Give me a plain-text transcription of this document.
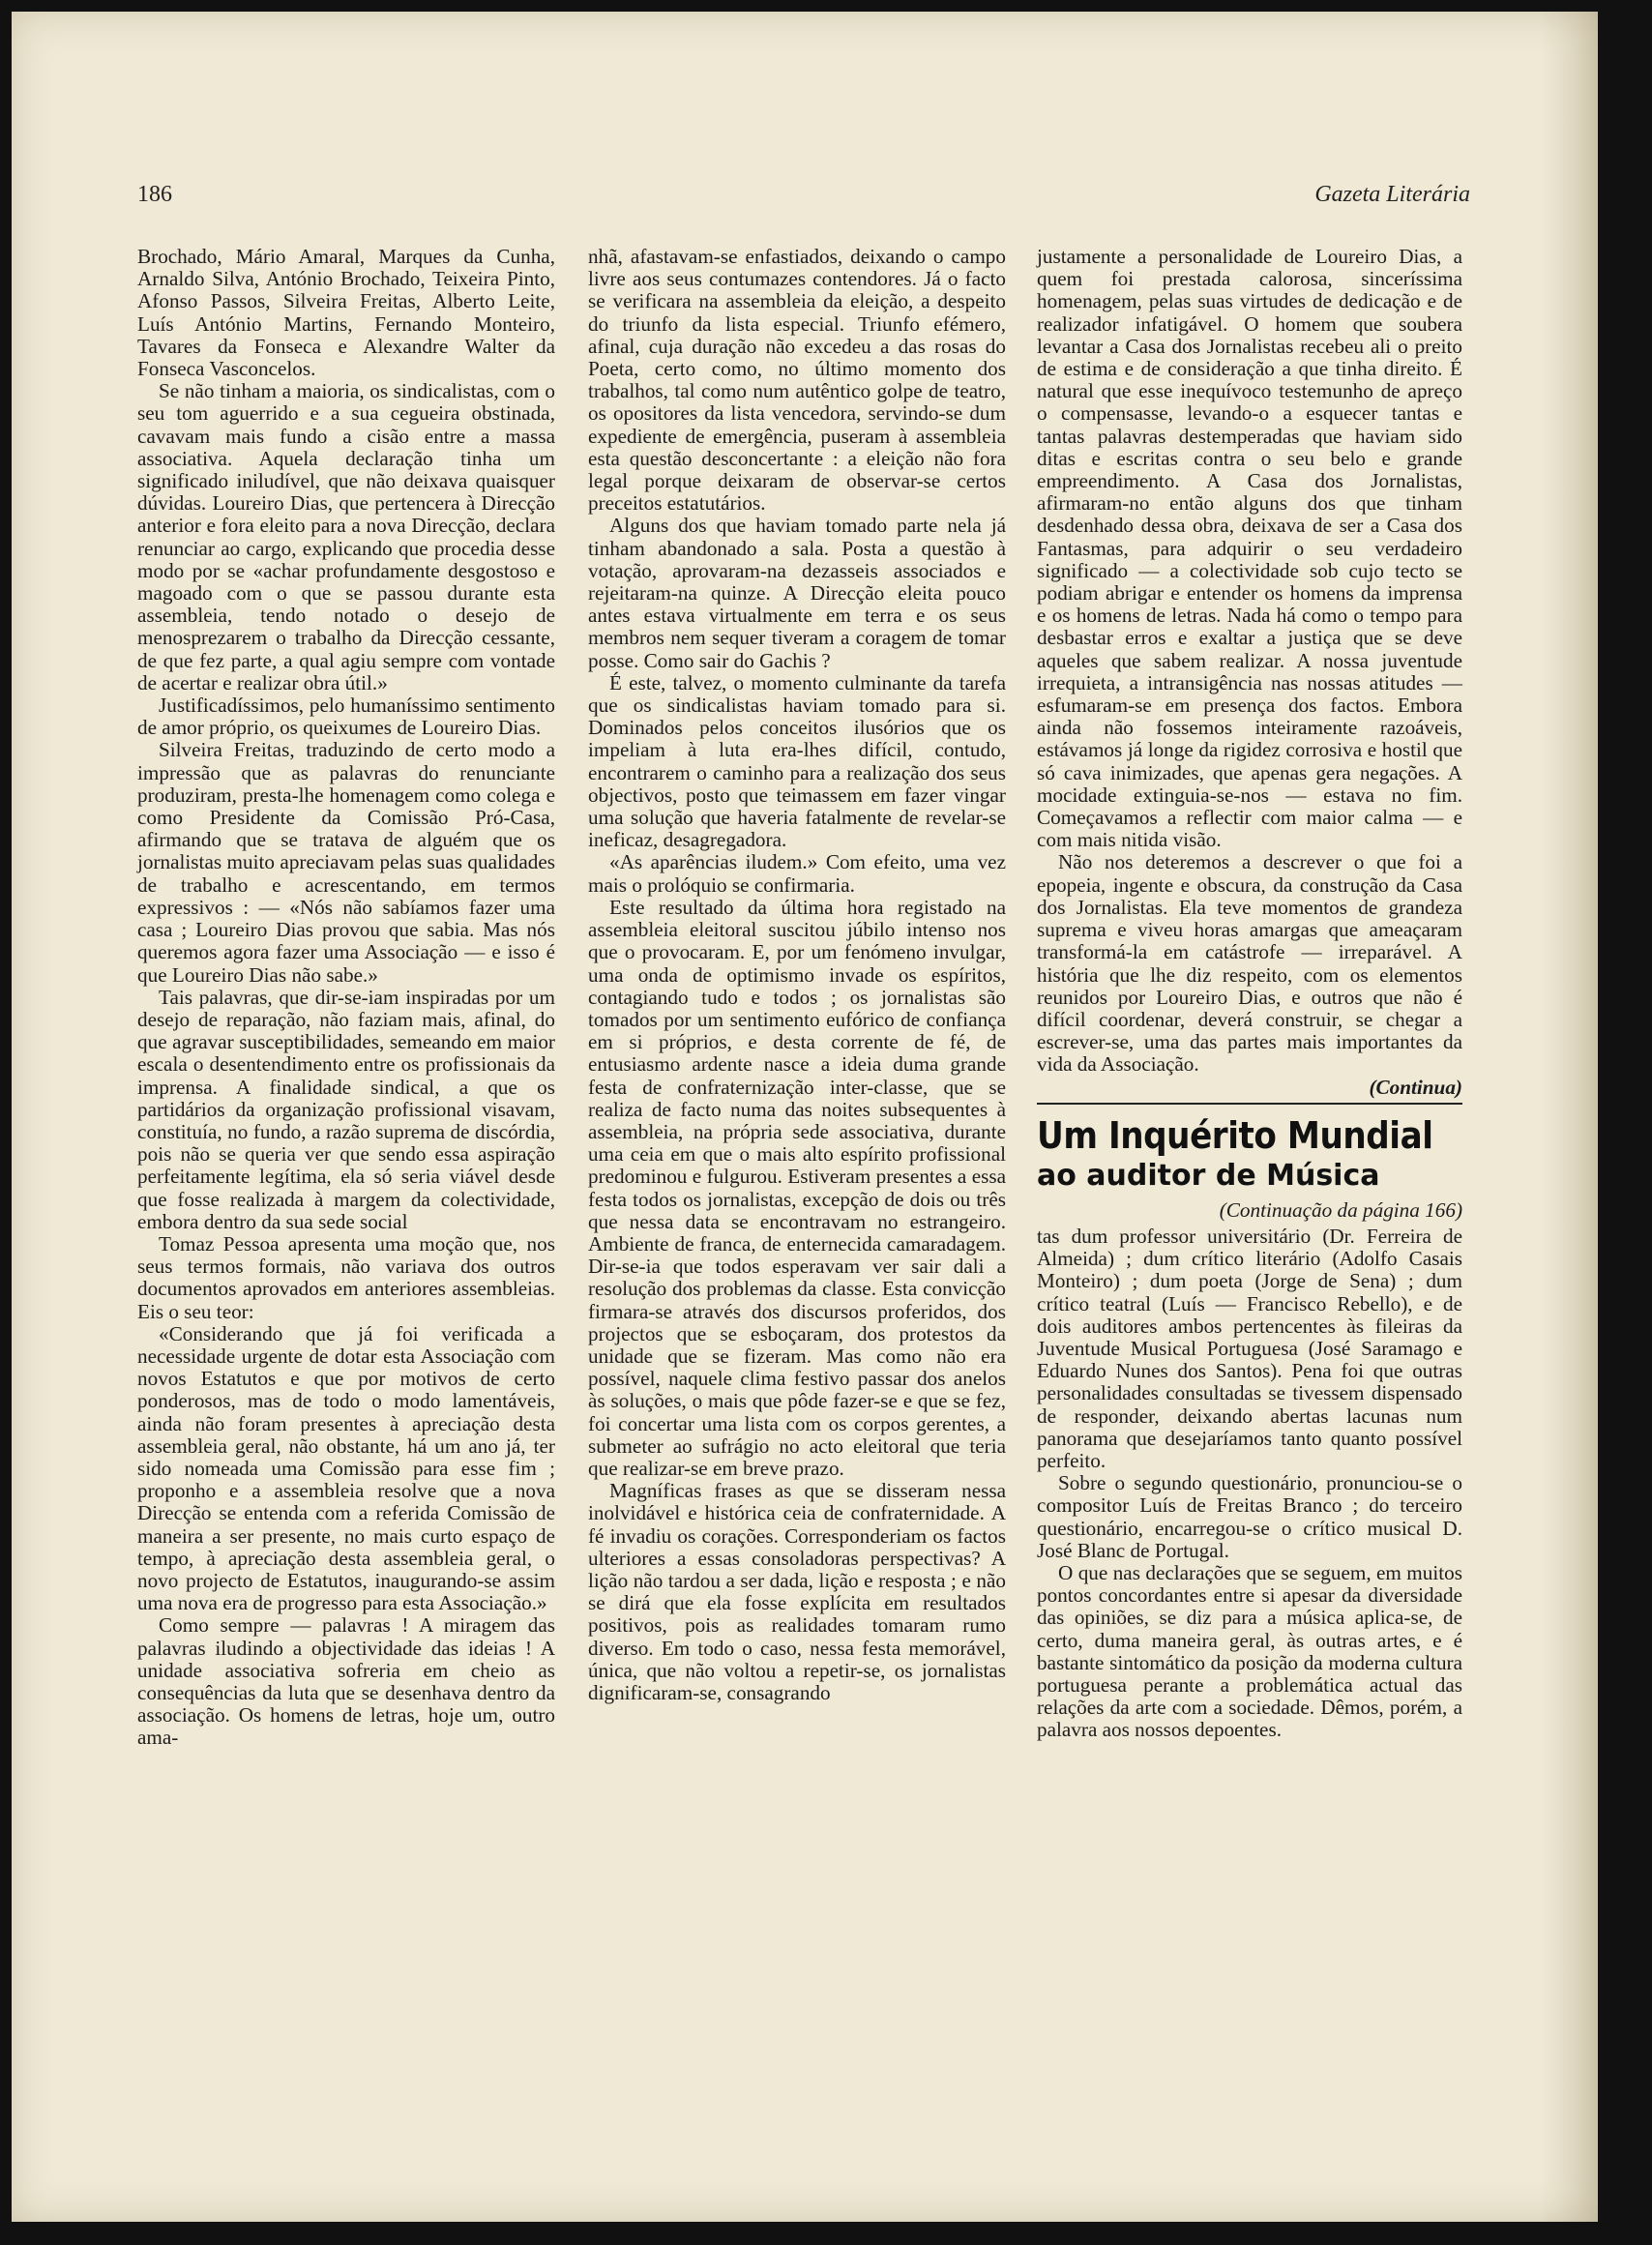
186	Gazeta Literária

Brochado, Mário Amaral, Marques da Cunha, Arnaldo Silva, António Brochado, Teixeira Pinto, Afonso Passos, Silveira Freitas, Alberto Leite, Luís António Martins, Fernando Monteiro, Tavares da Fonseca e Alexandre Walter da Fonseca Vasconcelos.

Se não tinham a maioria, os sindicalistas, com o seu tom aguerrido e a sua cegueira obstinada, cavavam mais fundo a cisão entre a massa associativa. Aquela declaração tinha um significado iniludível, que não deixava quaisquer dúvidas. Loureiro Dias, que pertencera à Direcção anterior e fora eleito para a nova Direcção, declara renunciar ao cargo, explicando que procedia desse modo por se «achar profundamente desgostoso e magoado com o que se passou durante esta assembleia, tendo notado o desejo de menosprezarem o trabalho da Direcção cessante, de que fez parte, a qual agiu sempre com vontade de acertar e realizar obra útil.»

Justificadíssimos, pelo humaníssimo sentimento de amor próprio, os queixumes de Loureiro Dias.

Silveira Freitas, traduzindo de certo modo a impressão que as palavras do renunciante produziram, presta-lhe homenagem como colega e como Presidente da Comissão Pró-Casa, afirmando que se tratava de alguém que os jornalistas muito apreciavam pelas suas qualidades de trabalho e acrescentando, em termos expressivos : — «Nós não sabíamos fazer uma casa ; Loureiro Dias provou que sabia. Mas nós queremos agora fazer uma Associação — e isso é que Loureiro Dias não sabe.»

Tais palavras, que dir-se-iam inspiradas por um desejo de reparação, não faziam mais, afinal, do que agravar susceptibilidades, semeando em maior escala o desentendimento entre os profissionais da imprensa. A finalidade sindical, a que os partidários da organização profissional visavam, constituía, no fundo, a razão suprema de discórdia, pois não se queria ver que sendo essa aspiração perfeitamente legítima, ela só seria viável desde que fosse realizada à margem da colectividade, embora dentro da sua sede social

Tomaz Pessoa apresenta uma moção que, nos seus termos formais, não variava dos outros documentos aprovados em anteriores assembleias. Eis o seu teor:

«Considerando que já foi verificada a necessidade urgente de dotar esta Associação com novos Estatutos e que por motivos de certo ponderosos, mas de todo o modo lamentáveis, ainda não foram presentes à apreciação desta assembleia geral, não obstante, há um ano já, ter sido nomeada uma Comissão para esse fim ; proponho e a assembleia resolve que a nova Direcção se entenda com a referida Comissão de maneira a ser presente, no mais curto espaço de tempo, à apreciação desta assembleia geral, o novo projecto de Estatutos, inaugurando-se assim uma nova era de progresso para esta Associação.»

Como sempre — palavras ! A miragem das palavras iludindo a objectividade das ideias ! A unidade associativa sofreria em cheio as consequências da luta que se desenhava dentro da associação. Os homens de letras, hoje um, outro ama-

nhã, afastavam-se enfastiados, deixando o campo livre aos seus contumazes contendores. Já o facto se verificara na assembleia da eleição, a despeito do triunfo da lista especial. Triunfo efémero, afinal, cuja duração não excedeu a das rosas do Poeta, certo como, no último momento dos trabalhos, tal como num autêntico golpe de teatro, os opositores da lista vencedora, servindo-se dum expediente de emergência, puseram à assembleia esta questão desconcertante : a eleição não fora legal porque deixaram de observar-se certos preceitos estatutários.

Alguns dos que haviam tomado parte nela já tinham abandonado a sala. Posta a questão à votação, aprovaram-na dezasseis associados e rejeitaram-na quinze. A Direcção eleita pouco antes estava virtualmente em terra e os seus membros nem sequer tiveram a coragem de tomar posse. Como sair do Gachis ?

É este, talvez, o momento culminante da tarefa que os sindicalistas haviam tomado para si. Dominados pelos conceitos ilusórios que os impeliam à luta era-lhes difícil, contudo, encontrarem o caminho para a realização dos seus objectivos, posto que teimassem em fazer vingar uma solução que haveria fatalmente de revelar-se ineficaz, desagregadora.

«As aparências iludem.» Com efeito, uma vez mais o prolóquio se confirmaria.

Este resultado da última hora registado na assembleia eleitoral suscitou júbilo intenso nos que o provocaram. E, por um fenómeno invulgar, uma onda de optimismo invade os espíritos, contagiando tudo e todos ; os jornalistas são tomados por um sentimento eufórico de confiança em si próprios, e desta corrente de fé, de entusiasmo ardente nasce a ideia duma grande festa de confraternização inter-classe, que se realiza de facto numa das noites subsequentes à assembleia, na própria sede associativa, durante uma ceia em que o mais alto espírito profissional predominou e fulgurou. Estiveram presentes a essa festa todos os jornalistas, excepção de dois ou três que nessa data se encontravam no estrangeiro. Ambiente de franca, de enternecida camaradagem. Dir-se-ia que todos esperavam ver sair dali a resolução dos problemas da classe. Esta convicção firmara-se através dos discursos proferidos, dos projectos que se esboçaram, dos protestos da unidade que se fizeram. Mas como não era possível, naquele clima festivo passar dos anelos às soluções, o mais que pôde fazer-se e que se fez, foi concertar uma lista com os corpos gerentes, a submeter ao sufrágio no acto eleitoral que teria que realizar-se em breve prazo.

Magníficas frases as que se disseram nessa inolvidável e histórica ceia de confraternidade. A fé invadiu os corações. Corresponderiam os factos ulteriores a essas consoladoras perspectivas? A lição não tardou a ser dada, lição e resposta ; e não se dirá que ela fosse explícita em resultados positivos, pois as realidades tomaram rumo diverso. Em todo o caso, nessa festa memorável, única, que não voltou a repetir-se, os jornalistas dignificaram-se, consagrando

justamente a personalidade de Loureiro Dias, a quem foi prestada calorosa, sinceríssima homenagem, pelas suas virtudes de dedicação e de realizador infatigável. O homem que soubera levantar a Casa dos Jornalistas recebeu ali o preito de estima e de consideração a que tinha direito. É natural que esse inequívoco testemunho de apreço o compensasse, levando-o a esquecer tantas e tantas palavras destemperadas que haviam sido ditas e escritas contra o seu belo e grande empreendimento. A Casa dos Jornalistas, afirmaram-no então alguns dos que tinham desdenhado dessa obra, deixava de ser a Casa dos Fantasmas, para adquirir o seu verdadeiro significado — a colectividade sob cujo tecto se podiam abrigar e entender os homens da imprensa e os homens de letras. Nada há como o tempo para desbastar erros e exaltar a justiça que se deve aqueles que sabem realizar. A nossa juventude irrequieta, a intransigência nas nossas atitudes — esfumaram-se em presença dos factos. Embora ainda não fossemos inteiramente razoáveis, estávamos já longe da rigidez corrosiva e hostil que só cava inimizades, que apenas gera negações. A mocidade extinguia-se-nos — estava no fim. Começavamos a reflectir com maior calma — e com mais nitida visão.

Não nos deteremos a descrever o que foi a epopeia, ingente e obscura, da construção da Casa dos Jornalistas. Ela teve momentos de grandeza suprema e viveu horas amargas que ameaçaram transformá-la em catástrofe — irreparável. A história que lhe diz respeito, com os elementos reunidos por Loureiro Dias, e outros que não é difícil coordenar, deverá construir, se chegar a escrever-se, uma das partes mais importantes da vida da Associação.

(Continua)

Um Inquérito Mundial
ao auditor de Música
(Continuação da página 166)

tas dum professor universitário (Dr. Ferreira de Almeida) ; dum crítico literário (Adolfo Casais Monteiro) ; dum poeta (Jorge de Sena) ; dum crítico teatral (Luís — Francisco Rebello), e de dois auditores ambos pertencentes às fileiras da Juventude Musical Portuguesa (José Saramago e Eduardo Nunes dos Santos). Pena foi que outras personalidades consultadas se tivessem dispensado de responder, deixando abertas lacunas num panorama que desejaríamos tanto quanto possível perfeito.

Sobre o segundo questionário, pronunciou-se o compositor Luís de Freitas Branco ; do terceiro questionário, encarregou-se o crítico musical D. José Blanc de Portugal.

O que nas declarações que se seguem, em muitos pontos concordantes entre si apesar da diversidade das opiniões, se diz para a música aplica-se, de certo, duma maneira geral, às outras artes, e é bastante sintomático da posição da moderna cultura portuguesa perante a problemática actual das relações da arte com a sociedade. Dêmos, porém, a palavra aos nossos depoentes.
